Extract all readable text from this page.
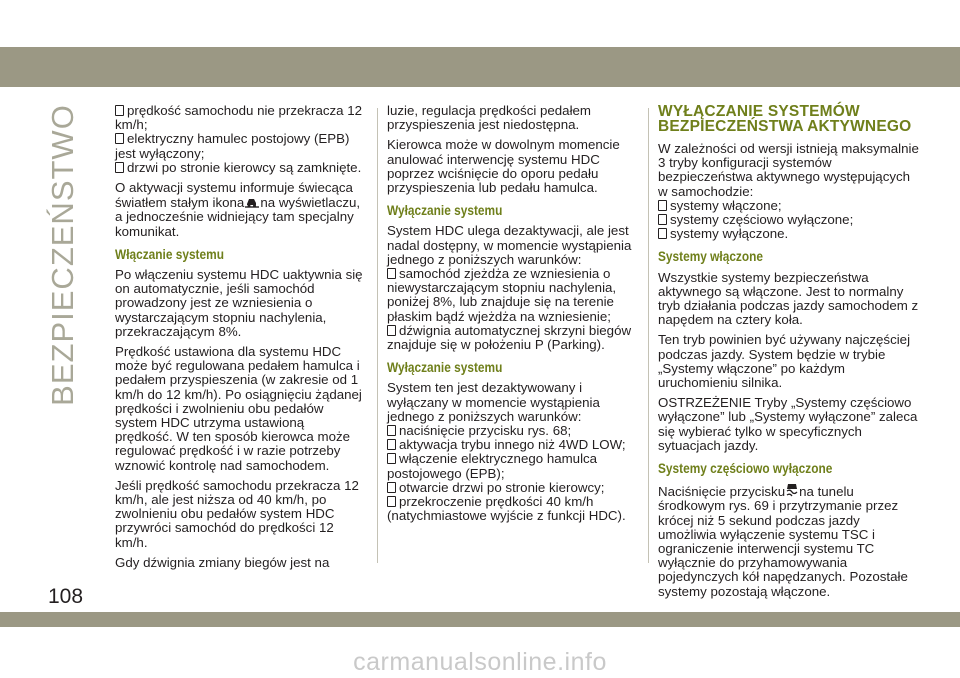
BEZPIECZEŃSTWO	prędkość samochodu nie przekracza 12 km/h;
elektryczny hamulec postojowy (EPB) jest wyłączony;
drzwi po stronie kierowcy są zamknięte.

O aktywacji systemu informuje świecąca światłem stałym ikona na wyświetlaczu, a jednocześnie widniejący tam specjalny komunikat.

Włączanie systemu

Po włączeniu systemu HDC uaktywnia się on automatycznie, jeśli samochód prowadzony jest ze wzniesienia o wystarczającym stopniu nachylenia, przekraczającym 8%.

Prędkość ustawiona dla systemu HDC może być regulowana pedałem hamulca i pedałem przyspieszenia (w zakresie od 1 km/h do 12 km/h). Po osiągnięciu żądanej prędkości i zwolnieniu obu pedałów system HDC utrzyma ustawioną prędkość. W ten sposób kierowca może regulować prędkość i w razie potrzeby wznowić kontrolę nad samochodem.

Jeśli prędkość samochodu przekracza 12 km/h, ale jest niższa od 40 km/h, po zwolnieniu obu pedałów system HDC przywróci samochód do prędkości 12 km/h.

Gdy dźwignia zmiany biegów jest na

luzie, regulacja prędkości pedałem przyspieszenia jest niedostępna.

Kierowca może w dowolnym momencie anulować interwencję systemu HDC poprzez wciśnięcie do oporu pedału przyspieszenia lub pedału hamulca.

Wyłączanie systemu

System HDC ulega dezaktywacji, ale jest nadal dostępny, w momencie wystąpienia jednego z poniższych warunków:

samochód zjeżdża ze wzniesienia o niewystarczającym stopniu nachylenia, poniżej 8%, lub znajduje się na terenie płaskim bądź wjeżdża na wzniesienie;
dźwignia automatycznej skrzyni biegów znajduje się w położeniu P (Parking).
Wyłączanie systemu

System ten jest dezaktywowany i wyłączany w momencie wystąpienia jednego z poniższych warunków:

naciśnięcie przycisku rys. 68;
aktywacja trybu innego niż 4WD LOW;
włączenie elektrycznego hamulca postojowego (EPB);
otwarcie drzwi po stronie kierowcy;
przekroczenie prędkości 40 km/h (natychmiastowe wyjście z funkcji HDC).
WYŁĄCZANIE SYSTEMÓW BEZPIECZEŃSTWA AKTYWNEGO

W zależności od wersji istnieją maksymalnie 3 tryby konfiguracji systemów bezpieczeństwa aktywnego występujących w samochodzie:

systemy włączone;
systemy częściowo wyłączone;
systemy wyłączone.
Systemy włączone

Wszystkie systemy bezpieczeństwa aktywnego są włączone. Jest to normalny tryb działania podczas jazdy samochodem z napędem na cztery koła.

Ten tryb powinien być używany najczęściej podczas jazdy. System będzie w trybie „Systemy włączone” po każdym uruchomieniu silnika.

OSTRZEŻENIE Tryby „Systemy częściowo wyłączone” lub „Systemy wyłączone” zaleca się wybierać tylko w specyficznych sytuacjach jazdy.

Systemy częściowo wyłączone

Naciśnięcie przycisku na tunelu środkowym rys. 69 i przytrzymanie przez krócej niż 5 sekund podczas jazdy umożliwia wyłączenie systemu TSC i ograniczenie interwencji systemu TC wyłącznie do przyhamowywania pojedynczych kół napędzanych. Pozostałe systemy pozostają włączone.

108
carmanualsonline.info
